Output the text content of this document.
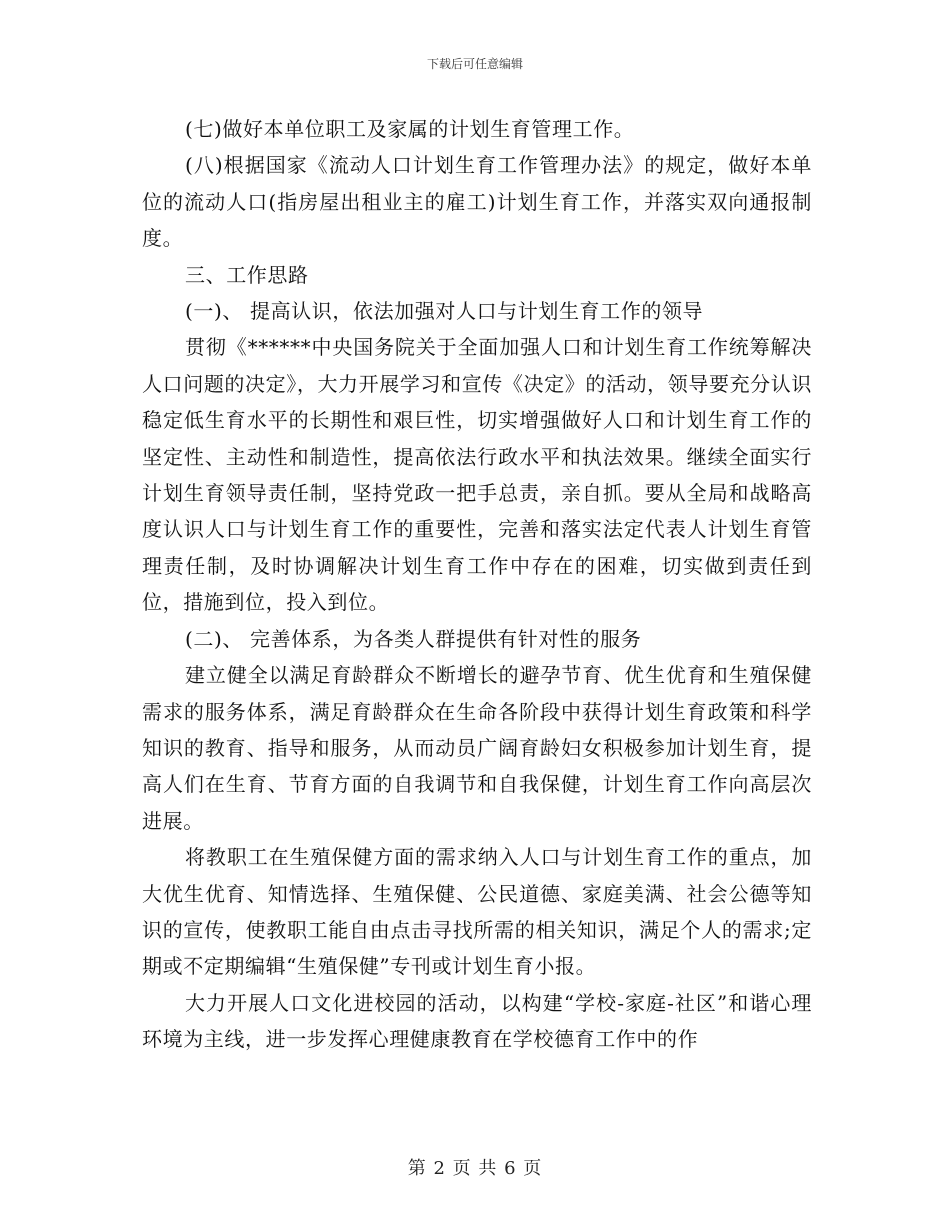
下载后可任意编辑

(七)做好本单位职工及家属的计划生育管理工作。

(八)根据国家《流动人口计划生育工作管理办法》的规定，做好本单位的流动人口(指房屋出租业主的雇工)计划生育工作，并落实双向通报制度。

三、工作思路

(一)、 提高认识，依法加强对人口与计划生育工作的领导

贯彻《******中央国务院关于全面加强人口和计划生育工作统筹解决人口问题的决定》，大力开展学习和宣传《决定》的活动，领导要充分认识稳定低生育水平的长期性和艰巨性，切实增强做好人口和计划生育工作的坚定性、主动性和制造性，提高依法行政水平和执法效果。继续全面实行计划生育领导责任制，坚持党政一把手总责，亲自抓。要从全局和战略高度认识人口与计划生育工作的重要性，完善和落实法定代表人计划生育管理责任制，及时协调解决计划生育工作中存在的困难，切实做到责任到位，措施到位，投入到位。

(二)、 完善体系，为各类人群提供有针对性的服务

建立健全以满足育龄群众不断增长的避孕节育、优生优育和生殖保健需求的服务体系，满足育龄群众在生命各阶段中获得计划生育政策和科学知识的教育、指导和服务，从而动员广阔育龄妇女积极参加计划生育，提高人们在生育、节育方面的自我调节和自我保健，计划生育工作向高层次进展。

将教职工在生殖保健方面的需求纳入人口与计划生育工作的重点，加大优生优育、知情选择、生殖保健、公民道德、家庭美满、社会公德等知识的宣传，使教职工能自由点击寻找所需的相关知识，满足个人的需求;定期或不定期编辑“生殖保健”专刊或计划生育小报。

大力开展人口文化进校园的活动，以构建“学校-家庭-社区”和谐心理环境为主线，进一步发挥心理健康教育在学校德育工作中的作

第 2 页 共 6 页
